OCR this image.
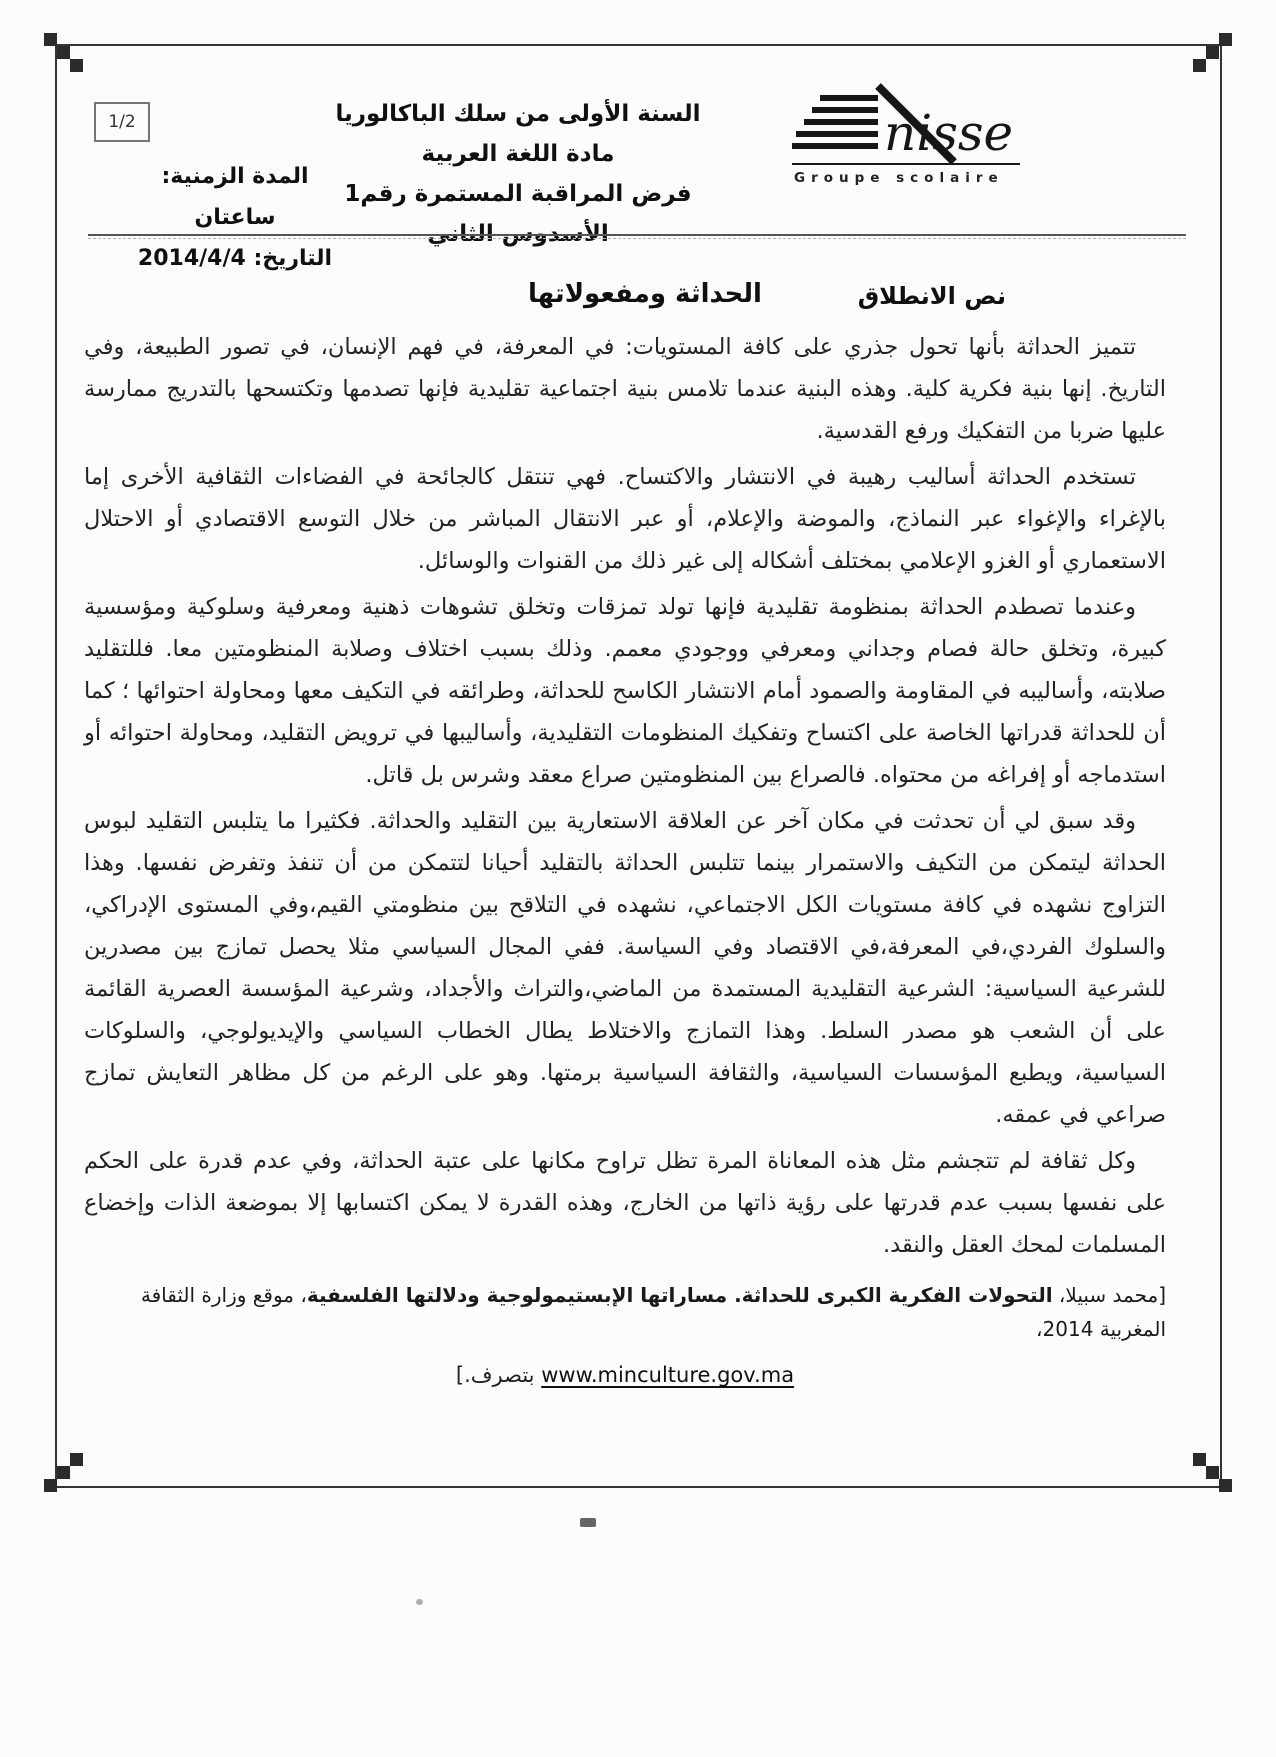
1/2	السنة الأولى من سلك الباكالوريا
مادة اللغة العربية
فرض المراقبة المستمرة رقم1
الأسدوس الثاني
المدة الزمنية: ساعتان
التاريخ: 2014/4/4
nisse
Groupe scolaire
نص الانطلاق
الحداثة ومفعولاتها

تتميز الحداثة بأنها تحول جذري على كافة المستويات: في المعرفة، في فهم الإنسان، في تصور الطبيعة، وفي التاريخ. إنها بنية فكرية كلية. وهذه البنية عندما تلامس بنية اجتماعية تقليدية فإنها تصدمها وتكتسحها بالتدريج ممارسة عليها ضربا من التفكيك ورفع القدسية.

تستخدم الحداثة أساليب رهيبة في الانتشار والاكتساح. فهي تنتقل كالجائحة في الفضاءات الثقافية الأخرى إما بالإغراء والإغواء عبر النماذج، والموضة والإعلام، أو عبر الانتقال المباشر من خلال التوسع الاقتصادي أو الاحتلال الاستعماري أو الغزو الإعلامي بمختلف أشكاله إلى غير ذلك من القنوات والوسائل.

وعندما تصطدم الحداثة بمنظومة تقليدية فإنها تولد تمزقات وتخلق تشوهات ذهنية ومعرفية وسلوكية ومؤسسية كبيرة، وتخلق حالة فصام وجداني ومعرفي ووجودي معمم. وذلك بسبب اختلاف وصلابة المنظومتين معا. فللتقليد صلابته، وأساليبه في المقاومة والصمود أمام الانتشار الكاسح للحداثة، وطرائقه في التكيف معها ومحاولة احتوائها ؛ كما أن للحداثة قدراتها الخاصة على اكتساح وتفكيك المنظومات التقليدية، وأساليبها في ترويض التقليد، ومحاولة احتوائه أو استدماجه أو إفراغه من محتواه. فالصراع بين المنظومتين صراع معقد وشرس بل قاتل.

وقد سبق لي أن تحدثت في مكان آخر عن العلاقة الاستعارية بين التقليد والحداثة. فكثيرا ما يتلبس التقليد لبوس الحداثة ليتمكن من التكيف والاستمرار بينما تتلبس الحداثة بالتقليد أحيانا لتتمكن من أن تنفذ وتفرض نفسها. وهذا التزاوج نشهده في كافة مستويات الكل الاجتماعي، نشهده في التلاقح بين منظومتي القيم،وفي المستوى الإدراكي، والسلوك الفردي،في المعرفة،في الاقتصاد وفي السياسة. ففي المجال السياسي مثلا يحصل تمازج بين مصدرين للشرعية السياسية: الشرعية التقليدية المستمدة من الماضي،والتراث والأجداد، وشرعية المؤسسة العصرية القائمة على أن الشعب هو مصدر السلط. وهذا التمازج والاختلاط يطال الخطاب السياسي والإيديولوجي، والسلوكات السياسية، ويطبع المؤسسات السياسية، والثقافة السياسية برمتها. وهو على الرغم من كل مظاهر التعايش تمازج صراعي في عمقه.

وكل ثقافة لم تتجشم مثل هذه المعاناة المرة تظل تراوح مكانها على عتبة الحداثة، وفي عدم قدرة على الحكم على نفسها بسبب عدم قدرتها على رؤية ذاتها من الخارج، وهذه القدرة لا يمكن اكتسابها إلا بموضعة الذات وإخضاع المسلمات لمحك العقل والنقد.

[محمد سبيلا، التحولات الفكرية الكبرى للحداثة. مساراتها الإبستيمولوجية ودلالتها الفلسفية، موقع وزارة الثقافة المغربية 2014،
www.minculture.gov.ma بتصرف.]
